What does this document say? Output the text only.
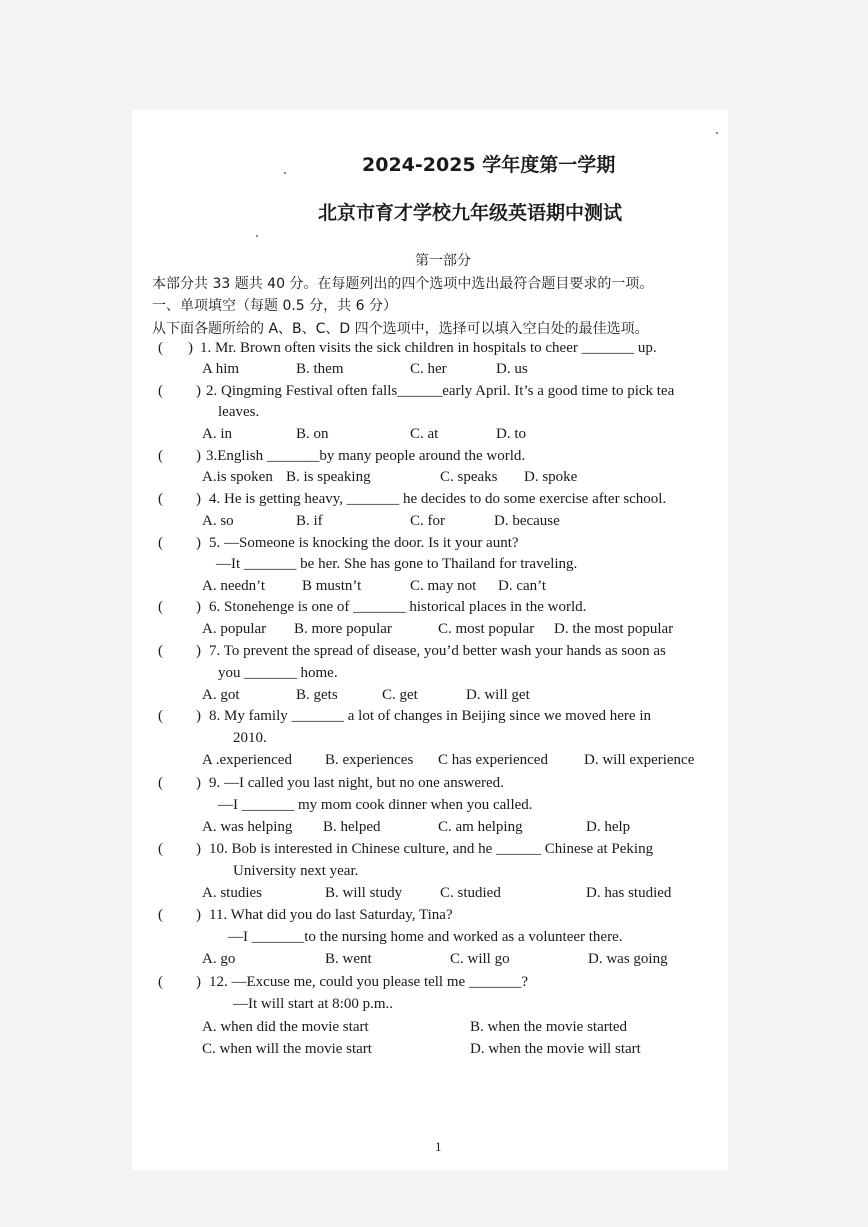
2024-2025 学年度第一学期
北京市育才学校九年级英语期中测试
第一部分
本部分共 33 题共 40 分。在每题列出的四个选项中选出最符合题目要求的一项。
一、单项填空（每题 0.5 分，共 6 分）
从下面各题所给的 A、B、C、D 四个选项中，选择可以填入空白处的最佳选项。
( ) 1. Mr. Brown often visits the sick children in hospitals to cheer _______ up.
A him	B. them	C. her	D. us
( ) 2. Qingming Festival often falls______early April. It’s a good time to pick tea
leaves.
A. in	B. on	C. at	D. to
( ) 3.English _______by many people around the world.
A.is spoken B. is speaking	C. speaks D. spoke
( ) 4. He is getting heavy, _______ he decides to do some exercise after school.
A. so	B. if	C. for	D. because
( ) 5. —Someone is knocking the door. Is it your aunt?
—It _______ be her. She has gone to Thailand for traveling.
A. needn’t B mustn’t	C. may not D. can’t
( ) 6. Stonehenge is one of _______ historical places in the world.
A. popular B. more popular	C. most popular D. the most popular
( ) 7. To prevent the spread of disease, you’d better wash your hands as soon as
you _______ home.
A. got	B. gets	C. get	D. will get
( ) 8. My family _______ a lot of changes in Beijing since we moved here in
2010.
A .experienced B. experiences C has experienced D. will experience
( ) 9. —I called you last night, but no one answered.
—I _______ my mom cook dinner when you called.
A. was helping B. helped	C. am helping	D. help
( ) 10. Bob is interested in Chinese culture, and he ______ Chinese at Peking
University next year.
A. studies	B. will study	C. studied	D. has studied
( ) 11. What did you do last Saturday, Tina?
—I _______to the nursing home and worked as a volunteer there.
A. go	B. went	C. will go	D. was going
( ) 12. —Excuse me, could you please tell me _______?
—It will start at 8:00 p.m..
A. when did the movie start	B. when the movie started
C. when will the movie start	D. when the movie will start
1
